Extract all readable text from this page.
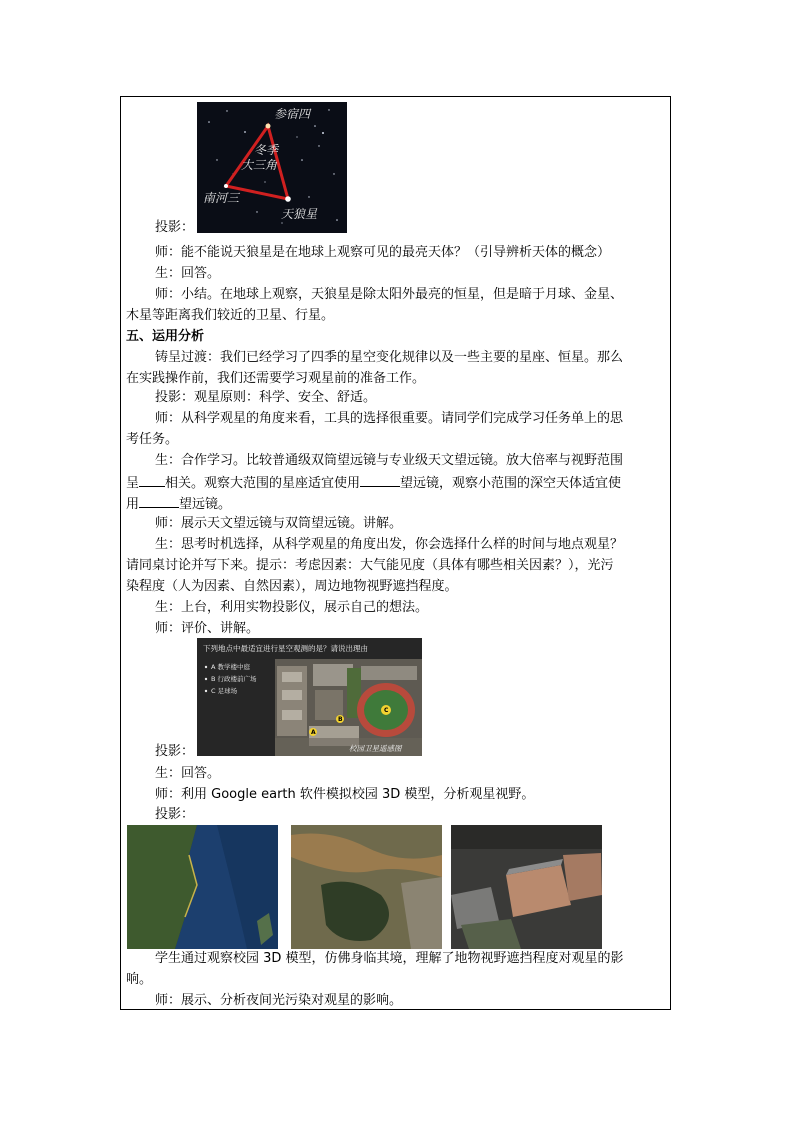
参宿四
冬季
大三角
南河三
天狼星
投影：
师：能不能说天狼星是在地球上观察可见的最亮天体？（引导辨析天体的概念）
生：回答。
师：小结。在地球上观察，天狼星是除太阳外最亮的恒星，但是暗于月球、金星、
木星等距离我们较近的卫星、行星。
五、运用分析
铸呈过渡：我们已经学习了四季的星空变化规律以及一些主要的星座、恒星。那么
在实践操作前，我们还需要学习观星前的准备工作。
投影：观星原则：科学、安全、舒适。
师：从科学观星的角度来看，工具的选择很重要。请同学们完成学习任务单上的思
考任务。
生：合作学习。比较普通级双筒望远镜与专业级天文望远镜。放大倍率与视野范围
呈 相关。观察大范围的星座适宜使用	望远镜，观察小范围的深空天体适宜使
用	望远镜。
师：展示天文望远镜与双筒望远镜。讲解。
生：思考时机选择，从科学观星的角度出发，你会选择什么样的时间与地点观星？
请同桌讨论并写下来。提示：考虑因素：大气能见度（具体有哪些相关因素？），光污
染程度（人为因素、自然因素），周边地物视野遮挡程度。
生：上台，利用实物投影仪，展示自己的想法。
师：评价、讲解。
下列地点中最适宜进行星空观测的是？请说出理由
A 教学楼中庭
B 行政楼前广场
C 足球场
A
B
C
校园卫星遥感图
投影：
生：回答。
师：利用 Google earth 软件模拟校园 3D 模型，分析观星视野。
投影：
学生通过观察校园 3D 模型，仿佛身临其境，理解了地物视野遮挡程度对观星的影
响。
师：展示、分析夜间光污染对观星的影响。
